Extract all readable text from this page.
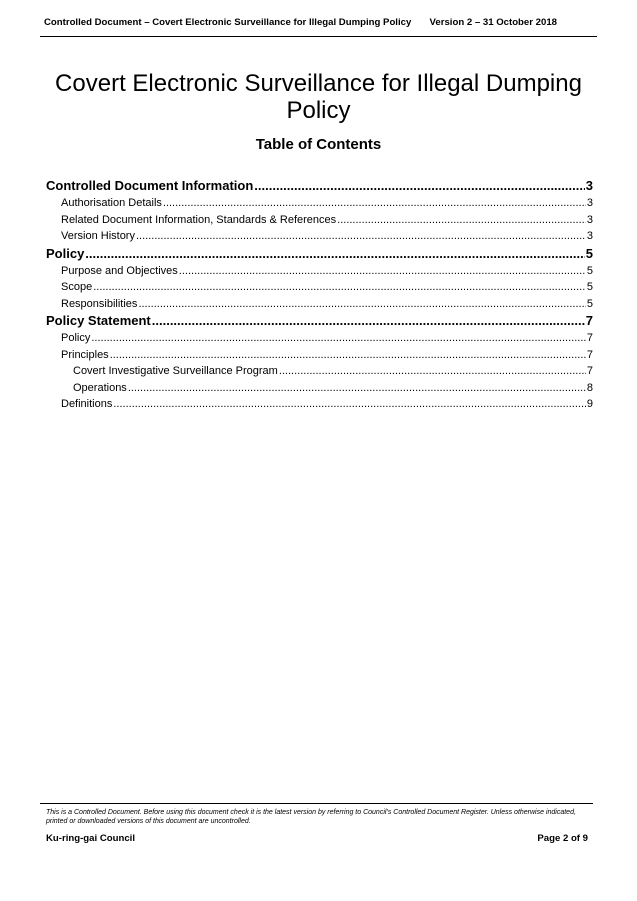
Controlled Document – Covert Electronic Surveillance for Illegal Dumping Policy Version 2 – 31 October 2018
Covert Electronic Surveillance for Illegal Dumping
Policy
Table of Contents
Controlled Document Information .....	3
Authorisation Details .....	3
Related Document Information, Standards & References .....	3
Version History .....	3
Policy .....	5
Purpose and Objectives .....	5
Scope .....	5
Responsibilities .....	5
Policy Statement .....	7
Policy .....	7
Principles .....	7
Covert Investigative Surveillance Program .....	7
Operations .....	8
Definitions .....	9
This is a Controlled Document. Before using this document check it is the latest version by referring to Council’s Controlled Document Register. Unless otherwise indicated, printed or downloaded versions of this document are uncontrolled.
Ku-ring-gai Council	Page 2 of 9
